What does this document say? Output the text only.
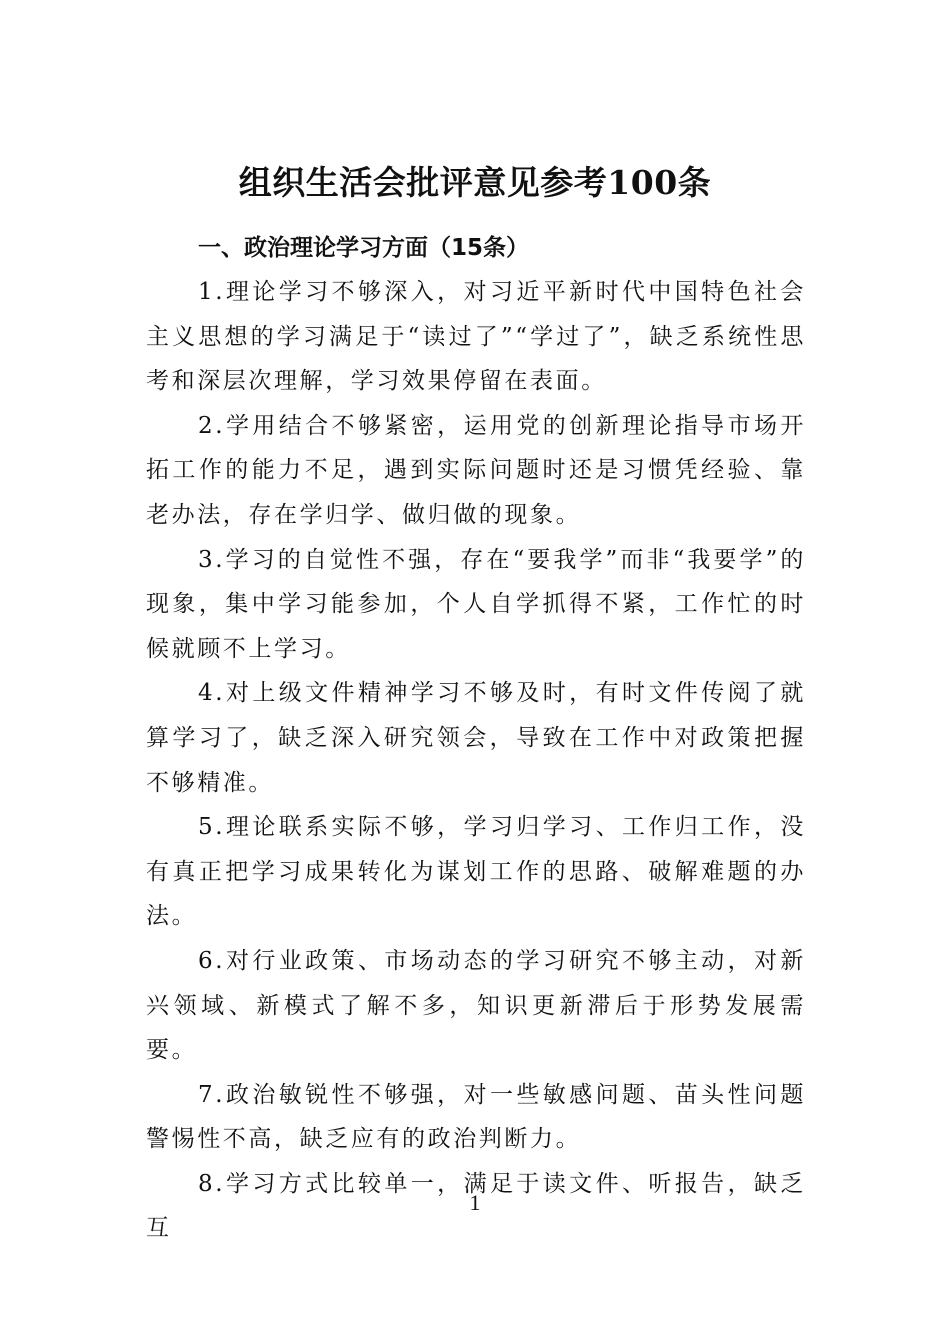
组织生活会批评意见参考100条

一、政治理论学习方面（15条）

1.理论学习不够深入，对习近平新时代中国特色社会主义思想的学习满足于“读过了”“学过了”，缺乏系统性思考和深层次理解，学习效果停留在表面。

2.学用结合不够紧密，运用党的创新理论指导市场开拓工作的能力不足，遇到实际问题时还是习惯凭经验、靠老办法，存在学归学、做归做的现象。

3.学习的自觉性不强，存在“要我学”而非“我要学”的现象，集中学习能参加，个人自学抓得不紧，工作忙的时候就顾不上学习。

4.对上级文件精神学习不够及时，有时文件传阅了就算学习了，缺乏深入研究领会，导致在工作中对政策把握不够精准。

5.理论联系实际不够，学习归学习、工作归工作，没有真正把学习成果转化为谋划工作的思路、破解难题的办法。

6.对行业政策、市场动态的学习研究不够主动，对新兴领域、新模式了解不多，知识更新滞后于形势发展需要。

7.政治敏锐性不够强，对一些敏感问题、苗头性问题警惕性不高，缺乏应有的政治判断力。

8.学习方式比较单一，满足于读文件、听报告，缺乏互

1
